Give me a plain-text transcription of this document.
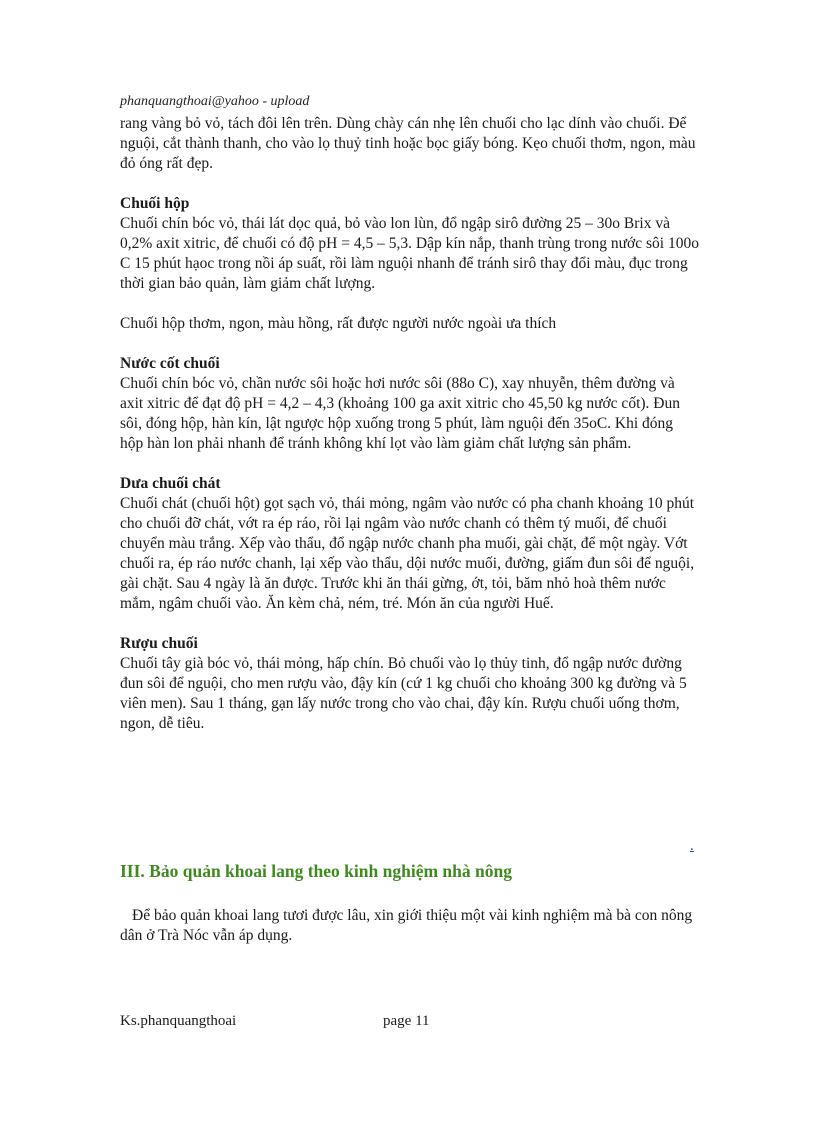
phanquangthoai@yahoo - upload

rang vàng bỏ vỏ, tách đôi lên trên. Dùng chày cán nhẹ lên chuối cho lạc dính vào chuối. Để nguội, cắt thành thanh, cho vào lọ thuỷ tinh hoặc bọc giấy bóng. Kẹo chuối thơm, ngon, màu đỏ óng rất đẹp.

Chuối hộp

Chuối chín bóc vỏ, thái lát dọc quả, bỏ vào lon lùn, đổ ngập sirô đường 25 – 30o Brix và 0,2% axit xitric, để chuối có độ pH = 4,5 – 5,3. Dập kín nắp, thanh trùng trong nước sôi 100o C 15 phút hạoc trong nồi áp suất, rồi làm nguội nhanh để tránh sirô thay đổi màu, đục trong thời gian bảo quản, làm giảm chất lượng.

Chuối hộp thơm, ngon, màu hồng, rất được người nước ngoài ưa thích

Nước cốt chuối

Chuối chín bóc vỏ, chần nước sôi hoặc hơi nước sôi (88o C), xay nhuyễn, thêm đường và axit xitric để đạt độ pH = 4,2 – 4,3 (khoảng 100 ga axit xitric cho 45,50 kg nước cốt). Đun sôi, đóng hộp, hàn kín, lật ngược hộp xuống trong 5 phút, làm nguội đến 35oC. Khi đóng hộp hàn lon phải nhanh để tránh không khí lọt vào làm giảm chất lượng sản phẩm.

Dưa chuối chát

Chuối chát (chuối hột) gọt sạch vỏ, thái mỏng, ngâm vào nước có pha chanh khoảng 10 phút cho chuối đỡ chát, vớt ra ép ráo, rồi lại ngâm vào nước chanh có thêm tý muối, để chuối chuyển màu trắng. Xếp vào thẩu, đổ ngập nước chanh pha muối, gài chặt, để một ngày. Vớt chuối ra, ép ráo nước chanh, lại xếp vào thẩu, dội nước muối, đường, giấm đun sôi để nguội, gài chặt. Sau 4 ngày là ăn được. Trước khi ăn thái gừng, ớt, tỏi, băm nhỏ hoà thêm nước mắm, ngâm chuối vào. Ăn kèm chả, ném, tré. Món ăn của người Huế.

Rượu chuối

Chuối tây già bóc vỏ, thái mỏng, hấp chín. Bỏ chuối vào lọ thủy tinh, đổ ngập nước đường đun sôi để nguội, cho men rượu vào, đậy kín (cứ 1 kg chuối cho khoảng 300 kg đường và 5 viên men). Sau 1 tháng, gạn lấy nước trong cho vào chai, đậy kín. Rượu chuối uống thơm, ngon, dễ tiêu.

.
III. Bảo quản khoai lang theo kinh nghiệm nhà nông
Để bảo quản khoai lang tươi được lâu, xin giới thiệu một vài kinh nghiệm mà bà con nông dân ở Trà Nóc vẫn áp dụng.
Ks.phanquangthoai	page 11
